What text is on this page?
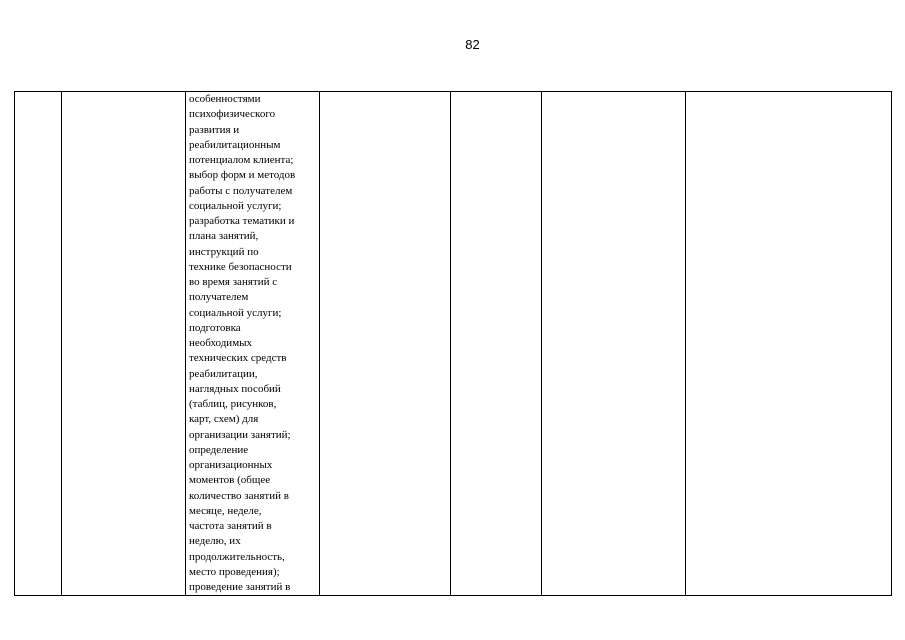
82

особенностями
психофизического
развития и
реабилитационным
потенциалом клиента;
выбор форм и методов
работы с получателем
социальной услуги;
разработка тематики и
плана занятий,
инструкций по
технике безопасности
во время занятий с
получателем
социальной услуги;
подготовка
необходимых
технических средств
реабилитации,
наглядных пособий
(таблиц, рисунков,
карт, схем) для
организации занятий;
определение
организационных
моментов (общее
количество занятий в
месяце, неделе,
частота занятий в
неделю, их
продолжительность,
место проведения);
проведение занятий в
